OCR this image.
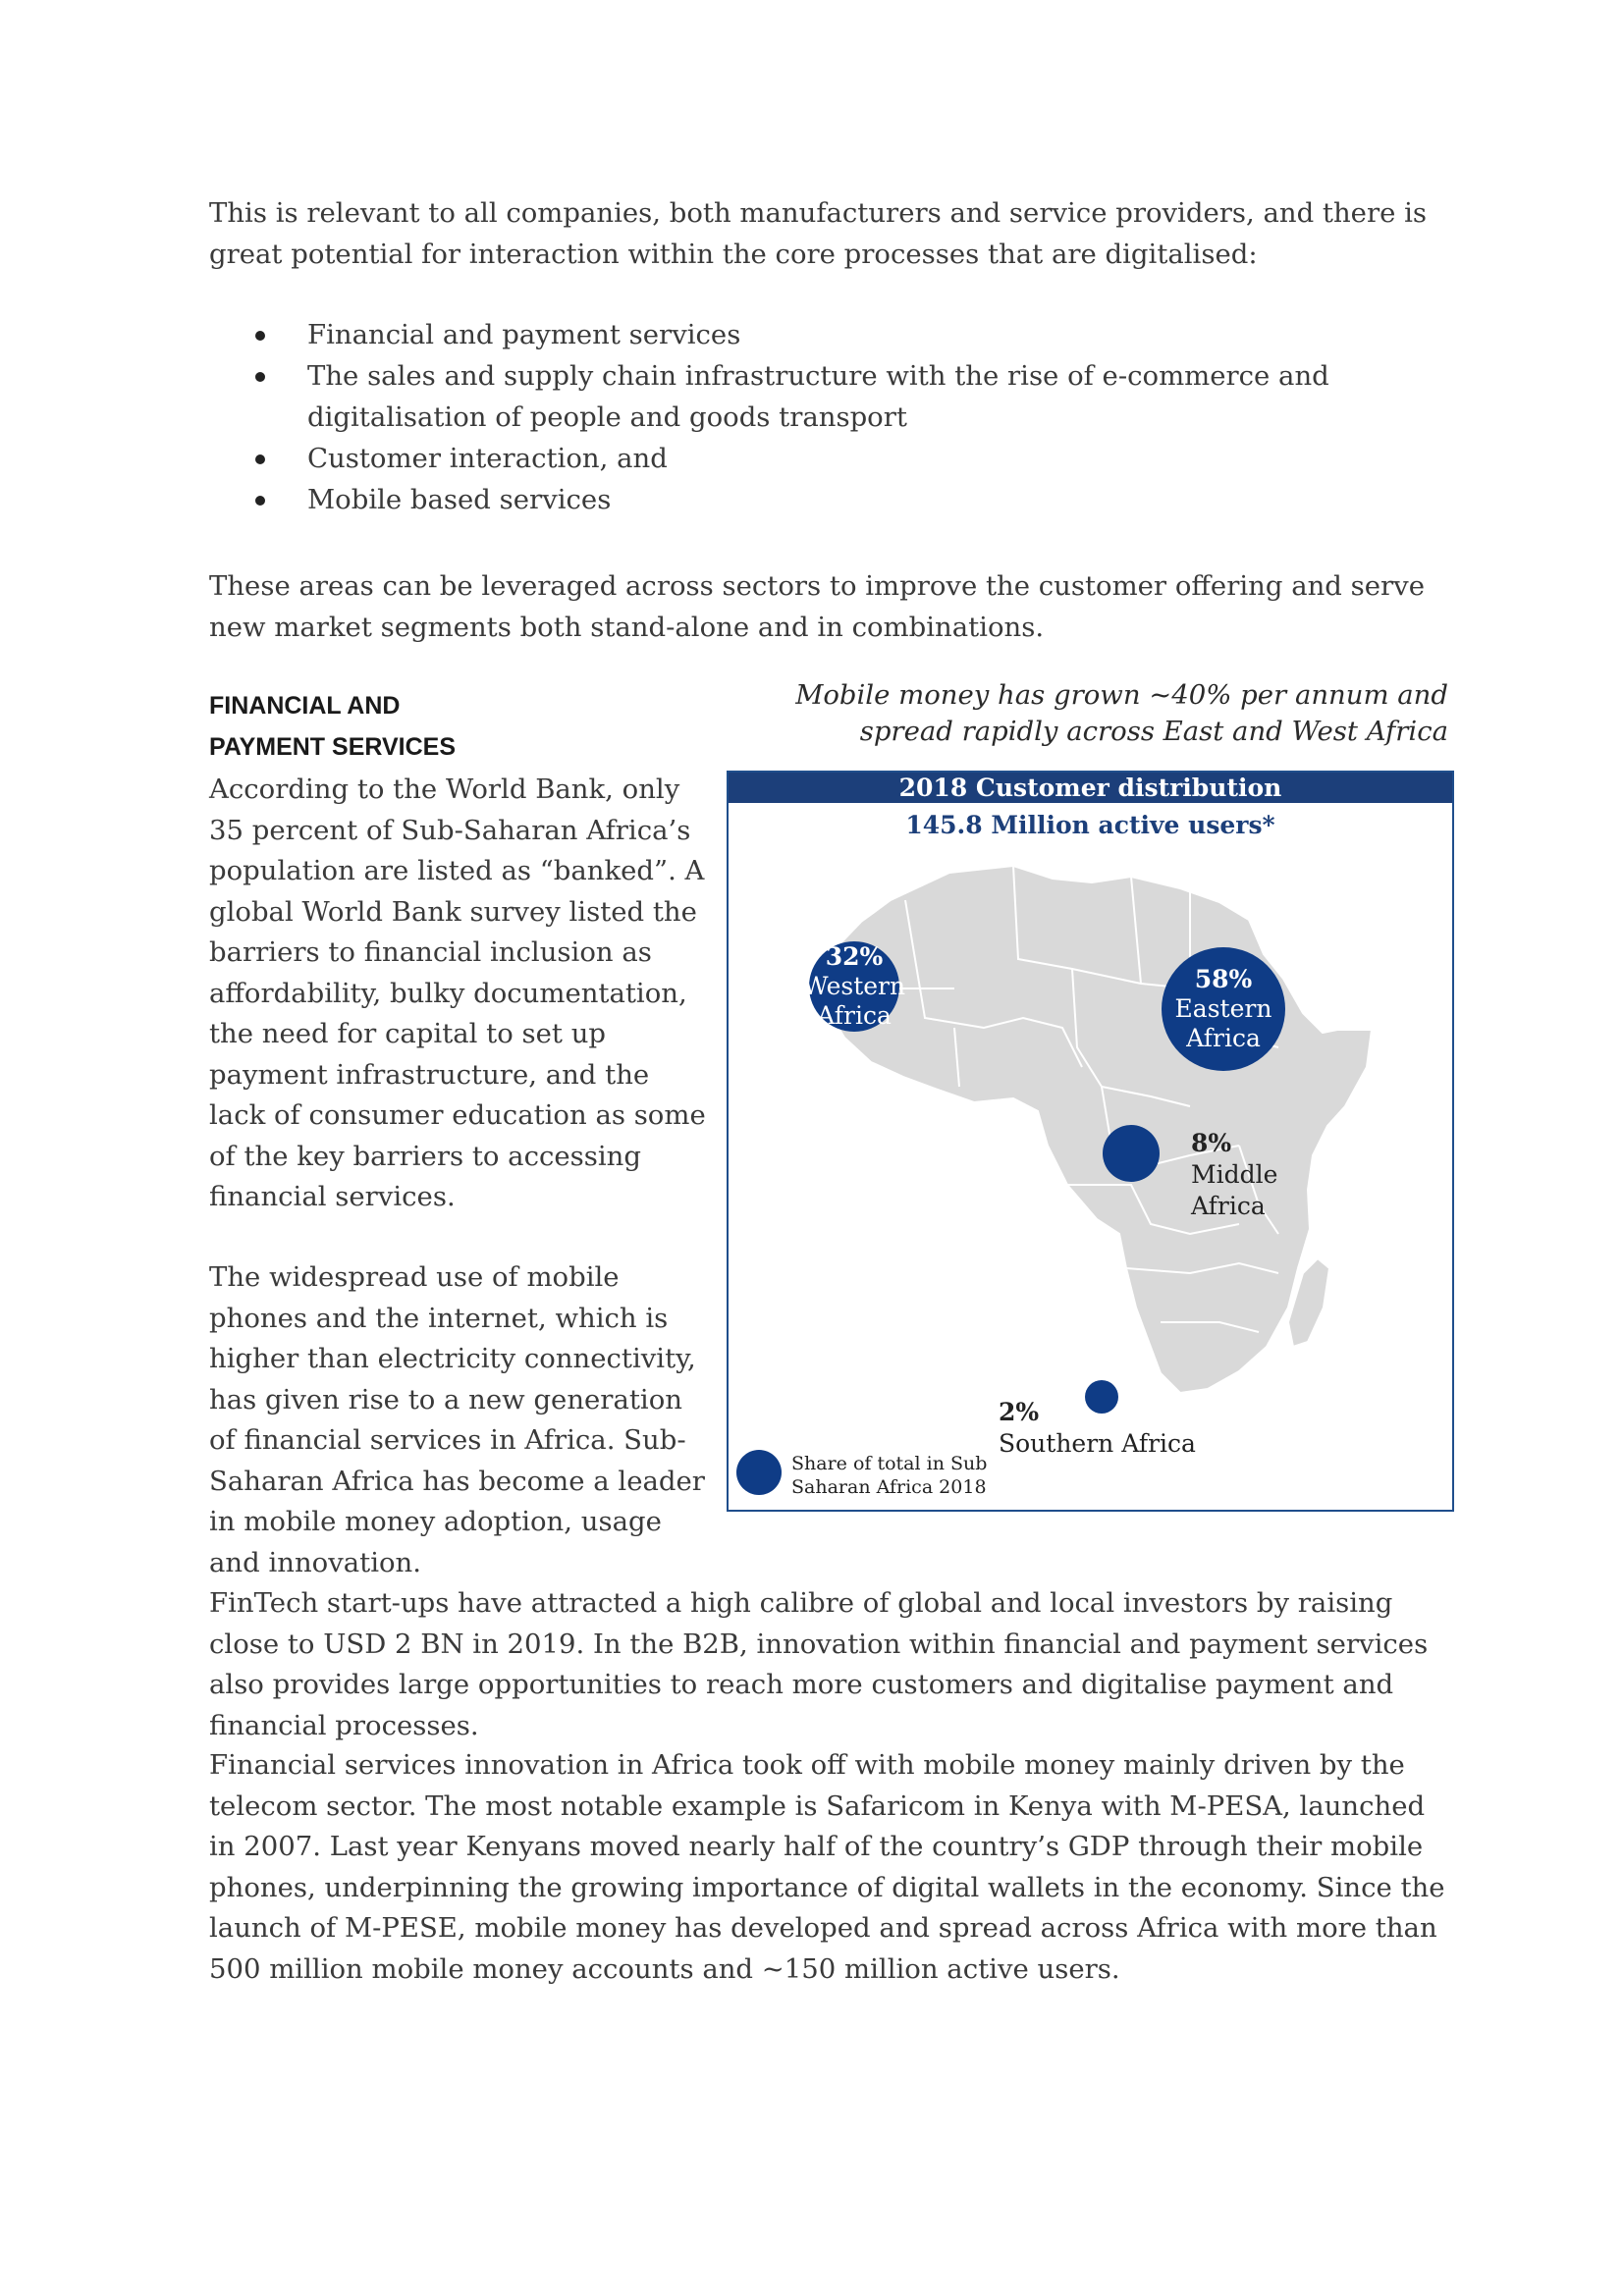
This is relevant to all companies, both manufacturers and service providers, and there is great potential for interaction within the core processes that are digitalised:

Financial and payment services
The sales and supply chain infrastructure with the rise of e-commerce and digitalisation of people and goods transport
Customer interaction, and
Mobile based services

These areas can be leveraged across sectors to improve the customer offering and serve new market segments both stand-alone and in combinations.

FINANCIAL AND
PAYMENT SERVICES

According to the World Bank, only 35 percent of Sub-Saharan Africa’s population are listed as “banked”. A global World Bank survey listed the barriers to financial inclusion as affordability, bulky documentation, the need for capital to set up payment infrastructure, and the lack of consumer education as some of the key barriers to accessing financial services.

The widespread use of mobile phones and the internet, which is higher than electricity connectivity, has given rise to a new generation of financial services in Africa. Sub-Saharan Africa has become a leader in mobile money adoption, usage and innovation.

Mobile money has grown ~40% per annum and
spread rapidly across East and West Africa
2018 Customer distribution
145.8 Million active users*
32%
Western
Africa
58%
Eastern
Africa
8%
Middle
Africa
2%
Southern Africa
Share of total in Sub
Saharan Africa 2018

FinTech start-ups have attracted a high calibre of global and local investors by raising close to USD 2 BN in 2019. In the B2B, innovation within financial and payment services also provides large opportunities to reach more customers and digitalise payment and financial processes.

Financial services innovation in Africa took off with mobile money mainly driven by the telecom sector. The most notable example is Safaricom in Kenya with M-PESA, launched in 2007. Last year Kenyans moved nearly half of the country’s GDP through their mobile phones, underpinning the growing importance of digital wallets in the economy. Since the launch of M-PESE, mobile money has developed and spread across Africa with more than 500 million mobile money accounts and ~150 million active users.
